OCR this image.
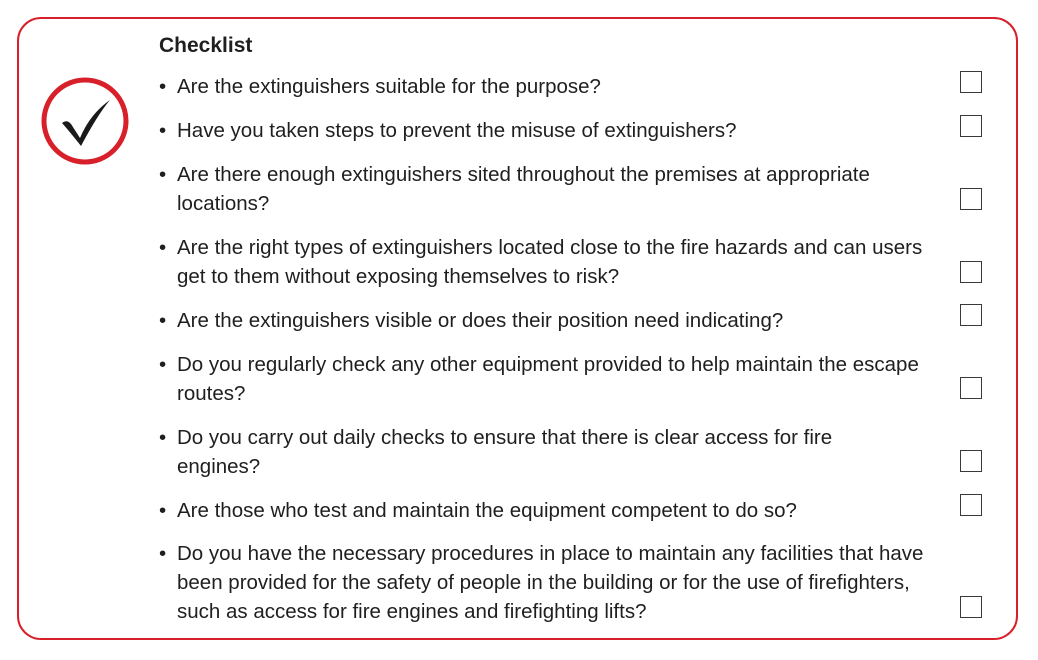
Checklist
• Are the extinguishers suitable for the purpose?
• Have you taken steps to prevent the misuse of extinguishers?
• Are there enough extinguishers sited throughout the premises at appropriate locations?
• Are the right types of extinguishers located close to the fire hazards and can users get to them without exposing themselves to risk?
• Are the extinguishers visible or does their position need indicating?
• Do you regularly check any other equipment provided to help maintain the escape routes?
• Do you carry out daily checks to ensure that there is clear access for fire engines?
• Are those who test and maintain the equipment competent to do so?
• Do you have the necessary procedures in place to maintain any facilities that have been provided for the safety of people in the building or for the use of firefighters, such as access for fire engines and firefighting lifts?
